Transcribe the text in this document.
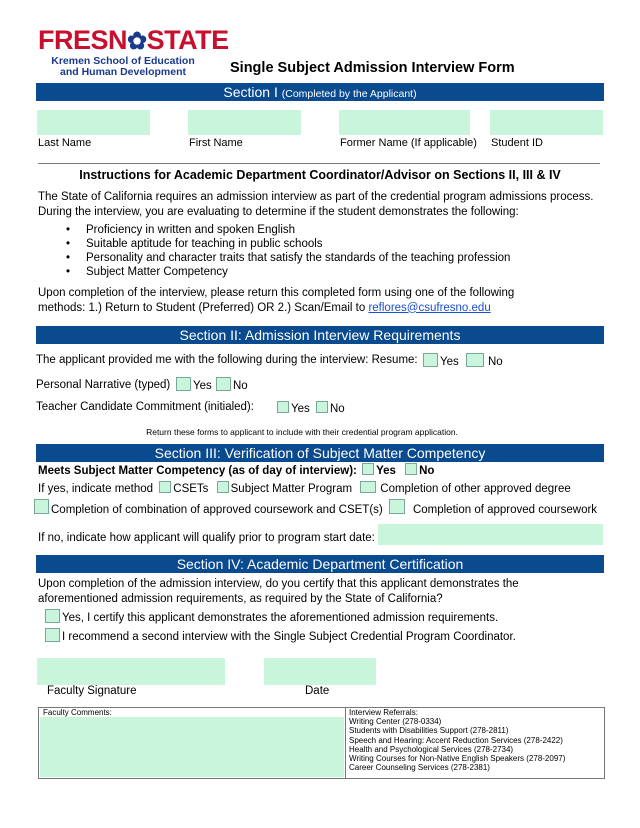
FRESN✿STATE
Kremen School of Education
and Human Development	Single Subject Admission Interview Form
Section I (Completed by the Applicant)
Last Name	First Name	Former Name (If applicable) Student ID
Instructions for Academic Department Coordinator/Advisor on Sections II, III & IV
The State of California requires an admission interview as part of the credential program admissions process. During the interview, you are evaluating to determine if the student demonstrates the following:
• Proficiency in written and spoken English
• Suitable aptitude for teaching in public schools
• Personality and character traits that satisfy the standards of the teaching profession
• Subject Matter Competency
Upon completion of the interview, please return this completed form using one of the following
methods: 1.) Return to Student (Preferred) OR 2.) Scan/Email to reflores@csufresno.edu
Section II: Admission Interview Requirements
The applicant provided me with the following during the interview: Resume:	Yes	No
Personal Narrative (typed)	Yes No
Teacher Candidate Commitment (initialed):	Yes No
Return these forms to applicant to include with their credential program application.
Section III: Verification of Subject Matter Competency
Meets Subject Matter Competency (as of day of interview): Yes No
If yes, indicate method CSETs Subject Matter Program Completion of other approved degree
Completion of combination of approved coursework and CSET(s)	Completion of approved coursework
If no, indicate how applicant will qualify prior to program start date:
Section IV: Academic Department Certification
Upon completion of the admission interview, do you certify that this applicant demonstrates the
aforementioned admission requirements, as required by the State of California?
Yes, I certify this applicant demonstrates the aforementioned admission requirements.
I recommend a second interview with the Single Subject Credential Program Coordinator.
Faculty Signature	Date
Faculty Comments:	Interview Referrals:
Writing Center (278-0334)
Students with Disabilities Support (278-2811)
Speech and Hearing: Accent Reduction Services (278-2422)
Health and Psychological Services (278-2734)
Writing Courses for Non-Native English Speakers (278-2097)
Career Counseling Services (278-2381)
